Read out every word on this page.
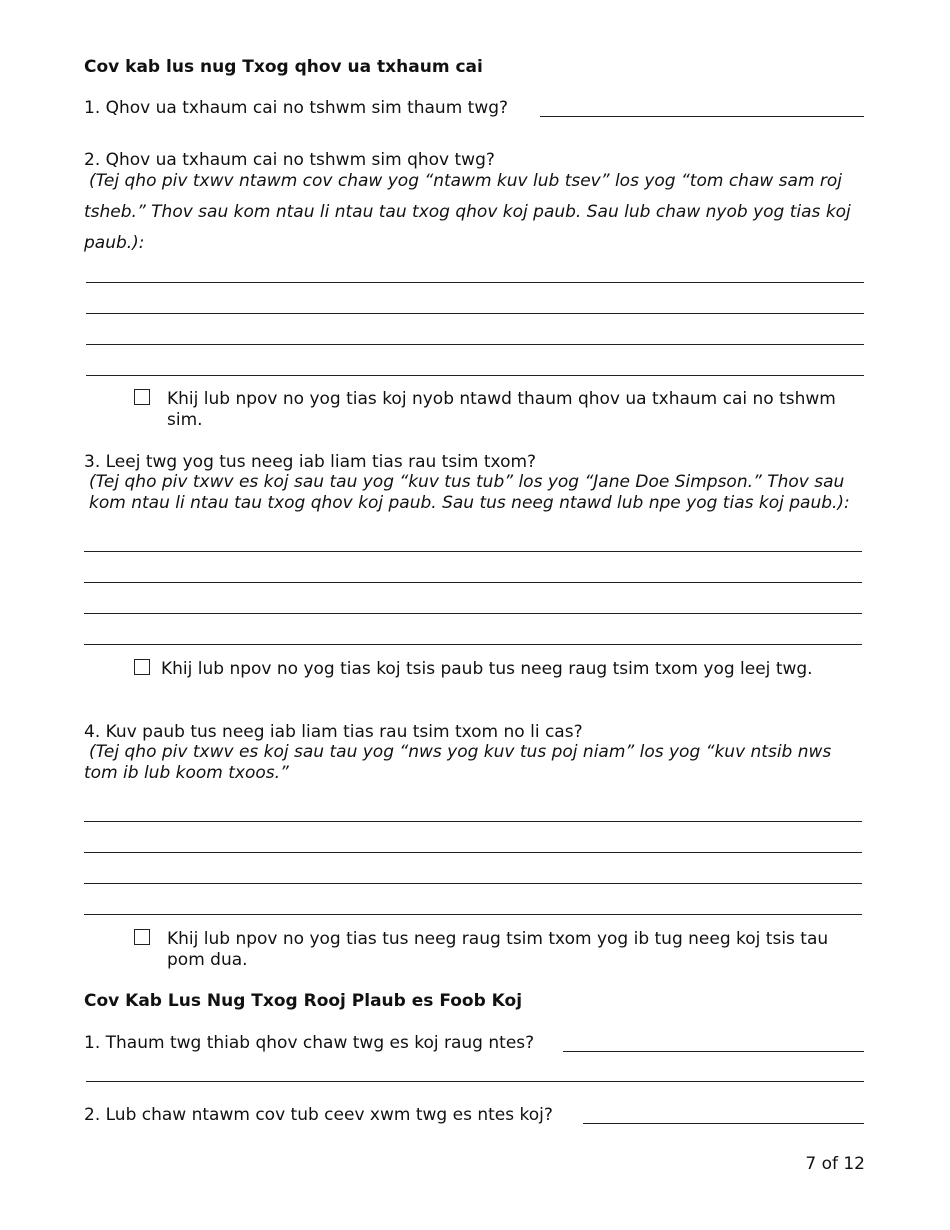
Cov kab lus nug Txog qhov ua txhaum cai
1. Qhov ua txhaum cai no tshwm sim thaum twg?
2. Qhov ua txhaum cai no tshwm sim qhov twg?
(Tej qho piv txwv ntawm cov chaw yog “ntawm kuv lub tsev” los yog “tom chaw sam roj
tsheb.” Thov sau kom ntau li ntau tau txog qhov koj paub. Sau lub chaw nyob yog tias koj
paub.):
Khij lub npov no yog tias koj nyob ntawd thaum qhov ua txhaum cai no tshwm
sim.
3. Leej twg yog tus neeg iab liam tias rau tsim txom?
(Tej qho piv txwv es koj sau tau yog “kuv tus tub” los yog “Jane Doe Simpson.” Thov sau
kom ntau li ntau tau txog qhov koj paub. Sau tus neeg ntawd lub npe yog tias koj paub.):
Khij lub npov no yog tias koj tsis paub tus neeg raug tsim txom yog leej twg.
4. Kuv paub tus neeg iab liam tias rau tsim txom no li cas?
(Tej qho piv txwv es koj sau tau yog “nws yog kuv tus poj niam” los yog “kuv ntsib nws
tom ib lub koom txoos.”
Khij lub npov no yog tias tus neeg raug tsim txom yog ib tug neeg koj tsis tau
pom dua.
Cov Kab Lus Nug Txog Rooj Plaub es Foob Koj
1. Thaum twg thiab qhov chaw twg es koj raug ntes?
2. Lub chaw ntawm cov tub ceev xwm twg es ntes koj?
7 of 12
